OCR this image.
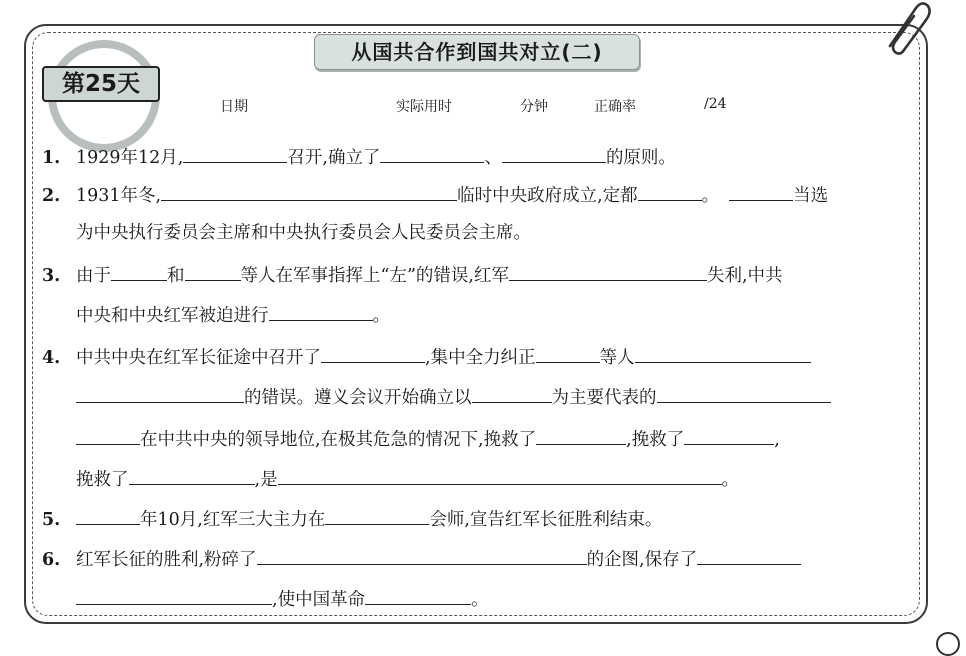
从国共合作到国共对立(二)
第25天
日期	实际用时	分钟	正确率	/24
1. 1929年12月,	召开,确立了	、	的原则。
2. 1931年冬,	临时中央政府成立,定都	。	当选
为中央执行委员会主席和中央执行委员会人民委员会主席。
3. 由于	和	等人在军事指挥上“左”的错误,红军	失利,中共
中央和中央红军被迫进行	。
4. 中共中央在红军长征途中召开了	,集中全力纠正	等人
的错误。遵义会议开始确立以	为主要代表的
在中共中央的领导地位,在极其危急的情况下,挽救了	,挽救了	,
挽救了	,是	。
5.	年10月,红军三大主力在	会师,宣告红军长征胜利结束。
6. 红军长征的胜利,粉碎了	的企图,保存了
,使中国革命	。
